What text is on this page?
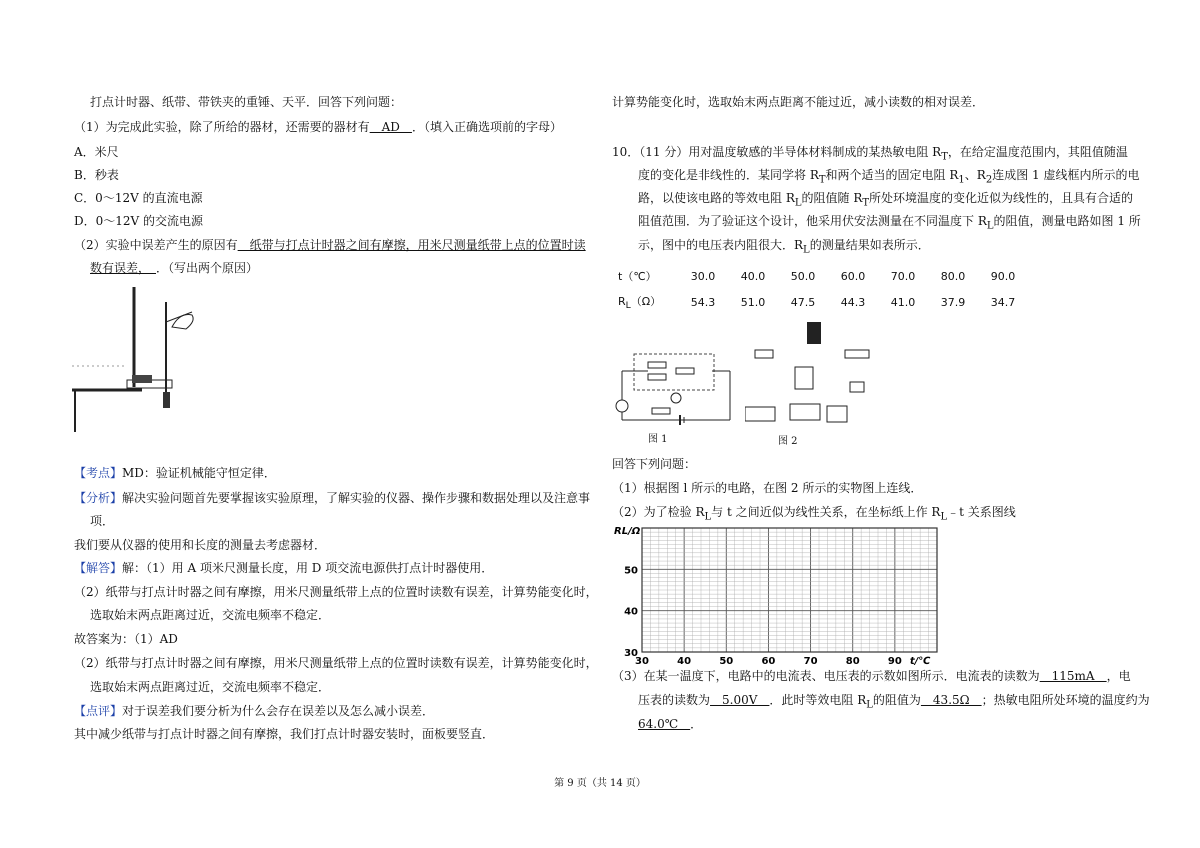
打点计时器、纸带、带铁夹的重锤、天平．回答下列问题：
（1）为完成此实验，除了所给的器材，还需要的器材有　AD　．（填入正确选项前的字母）
A．米尺
B．秒表
C．0～12V 的直流电源
D．0～12V 的交流电源
（2）实验中误差产生的原因有　纸带与打点计时器之间有摩擦，用米尺测量纸带上点的位置时读
数有误差，　．（写出两个原因）
【考点】MD：验证机械能守恒定律．
【分析】解决实验问题首先要掌握该实验原理，了解实验的仪器、操作步骤和数据处理以及注意事
项．
我们要从仪器的使用和长度的测量去考虑器材．
【解答】解：（1）用 A 项米尺测量长度，用 D 项交流电源供打点计时器使用．
（2）纸带与打点计时器之间有摩擦，用米尺测量纸带上点的位置时读数有误差，计算势能变化时，
选取始末两点距离过近，交流电频率不稳定．
故答案为：（1）AD
（2）纸带与打点计时器之间有摩擦，用米尺测量纸带上点的位置时读数有误差，计算势能变化时，
选取始末两点距离过近，交流电频率不稳定．
【点评】对于误差我们要分析为什么会存在误差以及怎么减小误差．
其中减少纸带与打点计时器之间有摩擦，我们打点计时器安装时，面板要竖直．
计算势能变化时，选取始末两点距离不能过近，减小读数的相对误差．
10．（11 分）用对温度敏感的半导体材料制成的某热敏电阻 $R_T$，在给定温度范围内，其阻值随温
度的变化是非线性的．某同学将 $R_T$和两个适当的固定电阻 $R_1$、$R_2$连成图 1 虚线框内所示的电
路，以使该电路的等效电阻 $R_L$的阻值随 $R_T$所处环境温度的变化近似为线性的，且具有合适的
阻值范围．为了验证这个设计，他采用伏安法测量在不同温度下 $R_L$的阻值，测量电路如图 1 所
示，图中的电压表内阻很大．$R_L$的测量结果如表所示．
t（℃）	30.0	40.0	50.0	60.0	70.0	80.0	90.0
$R_L(\Omega)$	54.3	51.0	47.5	44.3	41.0	37.9	34.7
图 1	图 2
回答下列问题：
（1）根据图 l 所示的电路，在图 2 所示的实物图上连线．
（2）为了检验 $R_L$与 t 之间近似为线性关系，在坐标纸上作 $R_L﹣t$ 关系图线
RL/Ω
30
40
50
30	40	50	60	70	80	90 t/℃
（3）在某一温度下，电路中的电流表、电压表的示数如图所示．电流表的读数为　115mA　，电
压表的读数为　5.00V　．此时等效电阻 $R_L$的阻值为　43.5Ω　；热敏电阻所处环境的温度约为
64.0℃　．
第 9 页（共 14 页）
